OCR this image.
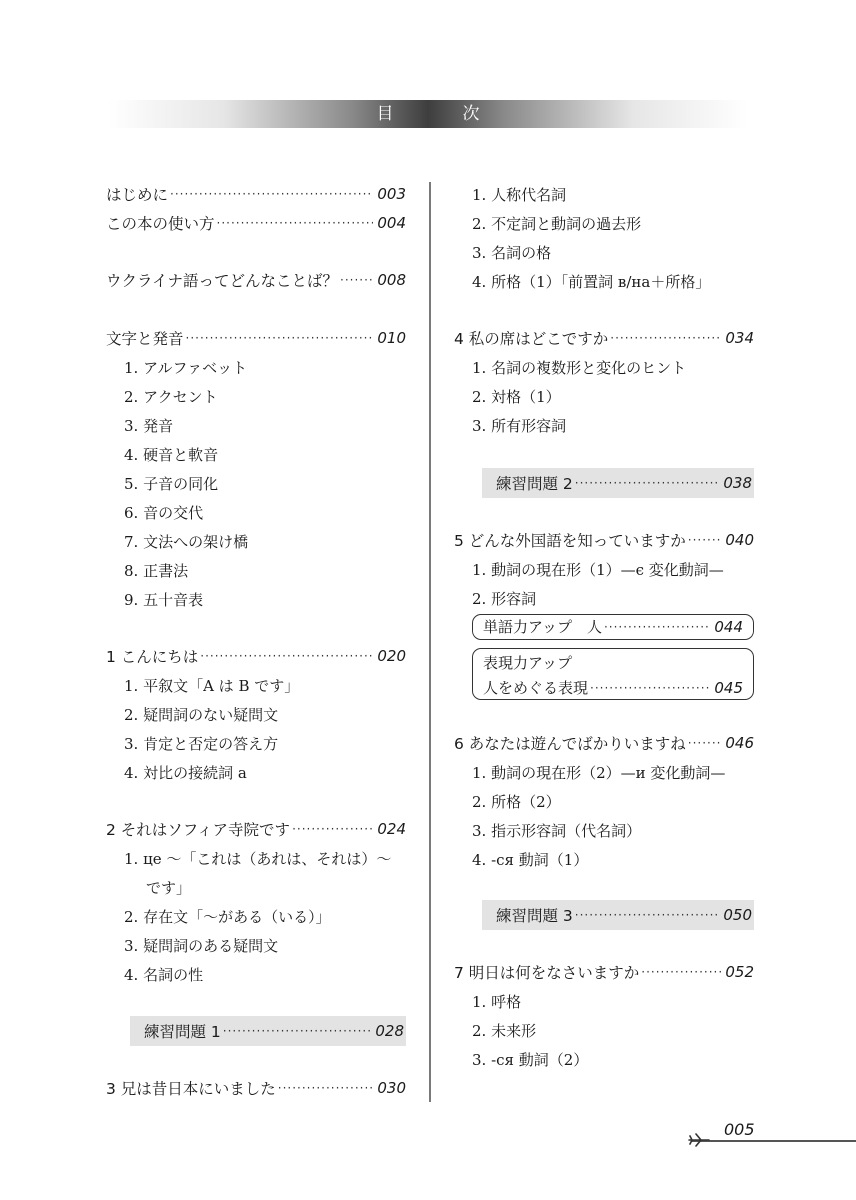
目　次
はじめに ·····	003
この本の使い方 ·····	004
ウクライナ語ってどんなことば？ ·····	008
文字と発音 ·····	010
1. アルファベット
2. アクセント
3. 発音
4. 硬音と軟音
5. 子音の同化
6. 音の交代
7. 文法への架け橋
8. 正書法
9. 五十音表
1 こんにちは ·····	020
1. 平叙文「A は B です」
2. 疑問詞のない疑問文
3. 肯定と否定の答え方
4. 対比の接続詞 а
2 それはソフィア寺院です ·····	024
1. це ～「これは（あれは、それは）～
です」
2. 存在文「～がある（いる）」
3. 疑問詞のある疑問文
4. 名詞の性
練習問題 1 ·····	028
3 兄は昔日本にいました ·····	030
1. 人称代名詞
2. 不定詞と動詞の過去形
3. 名詞の格
4. 所格（1）「前置詞 в/на＋所格」
4 私の席はどこですか ·····	034
1. 名詞の複数形と変化のヒント
2. 対格（1）
3. 所有形容詞
練習問題 2 ·····	038
5 どんな外国語を知っていますか ·····	040
1. 動詞の現在形（1）—є 変化動詞—
2. 形容詞
単語力アップ　人 ·····	044
表現力アップ
人をめぐる表現 ·····	045
6 あなたは遊んでばかりいますね ·····	046
1. 動詞の現在形（2）—и 変化動詞—
2. 所格（2）
3. 指示形容詞（代名詞）
4. -ся 動詞（1）
練習問題 3 ·····	050
7 明日は何をなさいますか ·····	052
1. 呼格
2. 未来形
3. -ся 動詞（2）
005
